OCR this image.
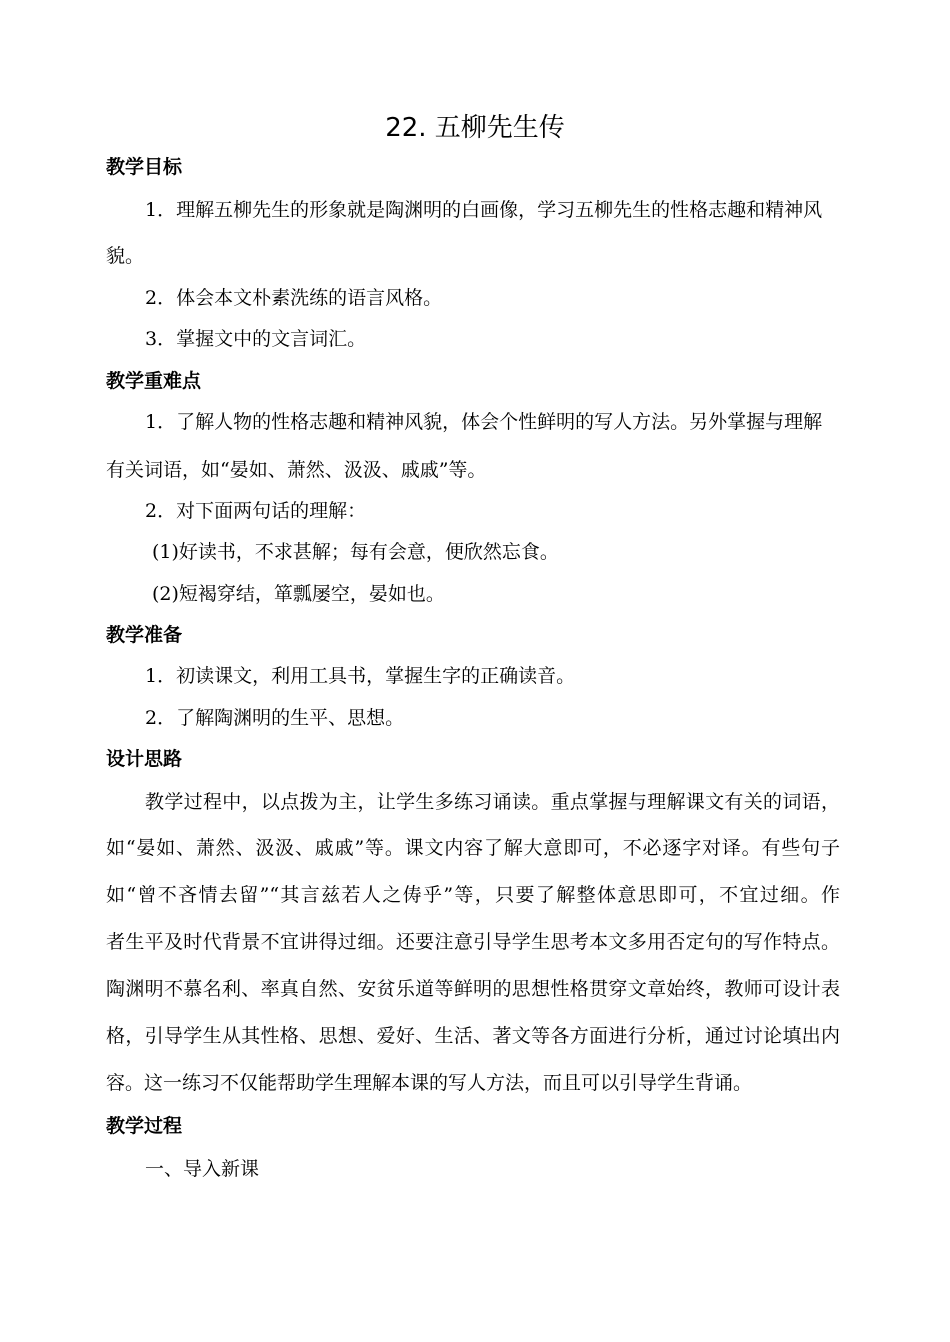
22. 五柳先生传
教学目标
1．理解五柳先生的形象就是陶渊明的白画像，学习五柳先生的性格志趣和精神风
貌。
2．体会本文朴素洗练的语言风格。
3．掌握文中的文言词汇。
教学重难点
1．了解人物的性格志趣和精神风貌，体会个性鲜明的写人方法。另外掌握与理解
有关词语，如“晏如、萧然、汲汲、戚戚”等。
2．对下面两句话的理解：
(1)好读书，不求甚解；每有会意，便欣然忘食。
(2)短褐穿结，箪瓢屡空，晏如也。
教学准备
1．初读课文，利用工具书，掌握生字的正确读音。
2．了解陶渊明的生平、思想。
设计思路
教学过程中，以点拨为主，让学生多练习诵读。重点掌握与理解课文有关的词语，
如“晏如、萧然、汲汲、戚戚”等。课文内容了解大意即可，不必逐字对译。有些句子
如“曾不吝情去留”“其言兹若人之俦乎”等，只要了解整体意思即可，不宜过细。作
者生平及时代背景不宜讲得过细。还要注意引导学生思考本文多用否定句的写作特点。
陶渊明不慕名利、率真自然、安贫乐道等鲜明的思想性格贯穿文章始终，教师可设计表
格，引导学生从其性格、思想、爱好、生活、著文等各方面进行分析，通过讨论填出内
容。这一练习不仅能帮助学生理解本课的写人方法，而且可以引导学生背诵。
教学过程
一、导入新课
